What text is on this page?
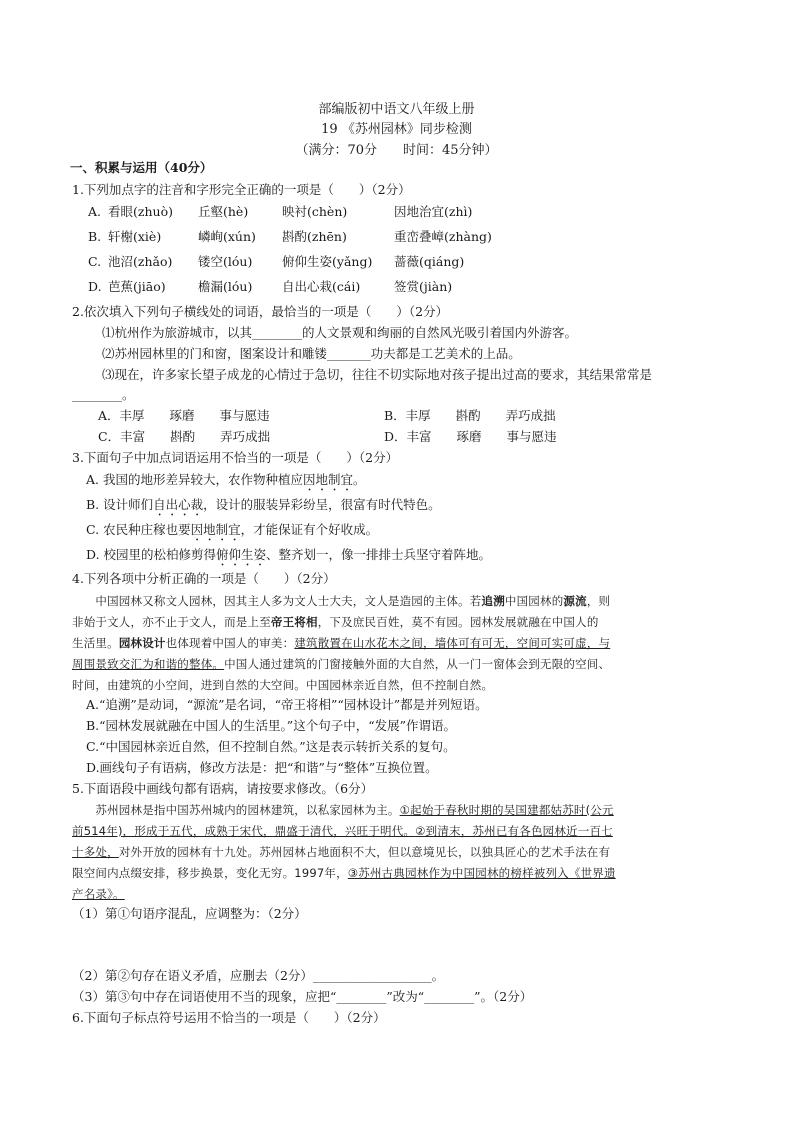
部编版初中语文八年级上册
19 《苏州园林》同步检测
（满分：70分　　时间：45分钟）
一、积累与运用（40分）
1.下列加点字的注音和字形完全正确的一项是（　　）（2分）
A. 看眼(zhuò) 丘壑(hè)	映衬(chèn)	因地治宜(zhì)
B. 轩榭(xiè)	嶙峋(xún) 斟酌(zhēn)	重峦叠嶂(zhàng)
C. 池沼(zhǎo) 镂空(lóu) 俯仰生姿(yǎng) 蔷薇(qiáng)
D. 芭蕉(jiāo)	檐漏(lóu) 自出心栽(cái)	签赏(jiàn)
2.依次填入下列句子横线处的词语，最恰当的一项是（　　）（2分）
⑴杭州作为旅游城市，以其________的人文景观和绚丽的自然风光吸引着国内外游客。
⑵苏州园林里的门和窗，图案设计和雕镂_______功夫都是工艺美术的上品。
⑶现在，许多家长望子成龙的心情过于急切，往往不切实际地对孩子提出过高的要求，其结果常常是
________。
A．丰厚　　琢磨　　事与愿违	B．丰厚　　斟酌　　弄巧成拙
C．丰富　　斟酌　　弄巧成拙	D．丰富　　琢磨　　事与愿违
3.下面句子中加点词语运用不恰当的一项是（　　）（2分）
A. 我国的地形差异较大，农作物种植应因地制宜。
B. 设计师们自出心裁，设计的服装异彩纷呈，很富有时代特色。
C. 农民种庄稼也要因地制宜，才能保证有个好收成。
D. 校园里的松柏修剪得俯仰生姿、整齐划一，像一排排士兵坚守着阵地。
4.下列各项中分析正确的一项是（　　）（2分）
　　中国园林又称文人园林，因其主人多为文人士大夫，文人是造园的主体。若追溯中国园林的源流，则
非始于文人，亦不止于文人，而是上至帝王将相，下及庶民百姓，莫不有园。园林发展就融在中国人的
生活里。园林设计也体现着中国人的审美：建筑散置在山水花木之间，墙体可有可无，空间可实可虚，与
周围景致交汇为和谐的整体。中国人通过建筑的门窗接触外面的大自然，从一门一窗体会到无限的空间、
时间，由建筑的小空间，进到自然的大空间。中国园林亲近自然，但不控制自然。
A.“追溯”是动词，“源流”是名词，“帝王将相”“园林设计”都是并列短语。
B.“园林发展就融在中国人的生活里。”这个句子中，“发展”作谓语。
C.“中国园林亲近自然，但不控制自然。”这是表示转折关系的复句。
D.画线句子有语病，修改方法是：把“和谐”与“整体”互换位置。
5.下面语段中画线句都有语病，请按要求修改。（6分）
　　苏州园林是指中国苏州城内的园林建筑，以私家园林为主。①起始于春秋时期的吴国建都姑苏时(公元
前514年)，形成于五代，成熟于宋代，鼎盛于清代，兴旺于明代。②到清末，苏州已有各色园林近一百七
十多处，对外开放的园林有十九处。苏州园林占地面积不大，但以意境见长，以独具匠心的艺术手法在有
限空间内点缀安排，移步换景，变化无穷。1997年，③苏州古典园林作为中国园林的榜样被列入《世界遗
产名录》。
（1）第①句语序混乱，应调整为：（2分）
（2）第②句存在语义矛盾，应删去（2分）___________________。
（3）第③句中存在词语使用不当的现象，应把“________”改为“________”。（2分）
6.下面句子标点符号运用不恰当的一项是（　　）（2分）
